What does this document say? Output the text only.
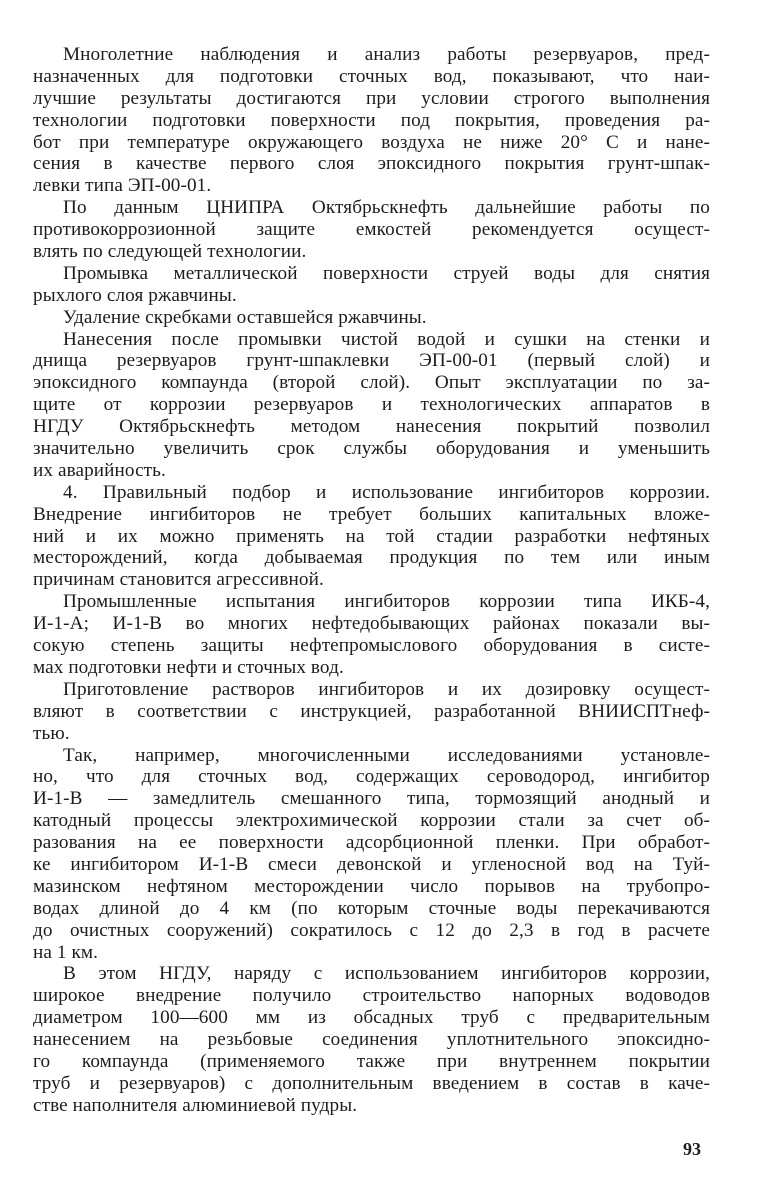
Многолетние наблюдения и анализ работы резервуаров, пред-
назначенных для подготовки сточных вод, показывают, что наи-
лучшие результаты достигаются при условии строгого выполнения
технологии подготовки поверхности под покрытия, проведения ра-
бот при температуре окружающего воздуха не ниже 20° С и нане-
сения в качестве первого слоя эпоксидного покрытия грунт-шпак-
левки типа ЭП-00-01.
По данным ЦНИПРА Октябрьскнефть дальнейшие работы по
противокоррозионной защите емкостей рекомендуется осущест-
влять по следующей технологии.
Промывка металлической поверхности струей воды для снятия
рыхлого слоя ржавчины.
Удаление скребками оставшейся ржавчины.
Нанесения после промывки чистой водой и сушки на стенки и
днища резервуаров грунт-шпаклевки ЭП-00-01 (первый слой) и
эпоксидного компаунда (второй слой). Опыт эксплуатации по за-
щите от коррозии резервуаров и технологических аппаратов в
НГДУ Октябрьскнефть методом нанесения покрытий позволил
значительно увеличить срок службы оборудования и уменьшить
их аварийность.
4. Правильный подбор и использование ингибиторов коррозии.
Внедрение ингибиторов не требует больших капитальных вложе-
ний и их можно применять на той стадии разработки нефтяных
месторождений, когда добываемая продукция по тем или иным
причинам становится агрессивной.
Промышленные испытания ингибиторов коррозии типа ИКБ-4,
И-1-А; И-1-В во многих нефтедобывающих районах показали вы-
сокую степень защиты нефтепромыслового оборудования в систе-
мах подготовки нефти и сточных вод.
Приготовление растворов ингибиторов и их дозировку осущест-
вляют в соответствии с инструкцией, разработанной ВНИИСПТнеф-
тью.
Так, например, многочисленными исследованиями установле-
но, что для сточных вод, содержащих сероводород, ингибитор
И-1-В — замедлитель смешанного типа, тормозящий анодный и
катодный процессы электрохимической коррозии стали за счет об-
разования на ее поверхности адсорбционной пленки. При обработ-
ке ингибитором И-1-В смеси девонской и угленосной вод на Туй-
мазинском нефтяном месторождении число порывов на трубопро-
водах длиной до 4 км (по которым сточные воды перекачиваются
до очистных сооружений) сократилось с 12 до 2,3 в год в расчете
на 1 км.
В этом НГДУ, наряду с использованием ингибиторов коррозии,
широкое внедрение получило строительство напорных водоводов
диаметром 100—600 мм из обсадных труб с предварительным
нанесением на резьбовые соединения уплотнительного эпоксидно-
го компаунда (применяемого также при внутреннем покрытии
труб и резервуаров) с дополнительным введением в состав в каче-
стве наполнителя алюминиевой пудры.
93
